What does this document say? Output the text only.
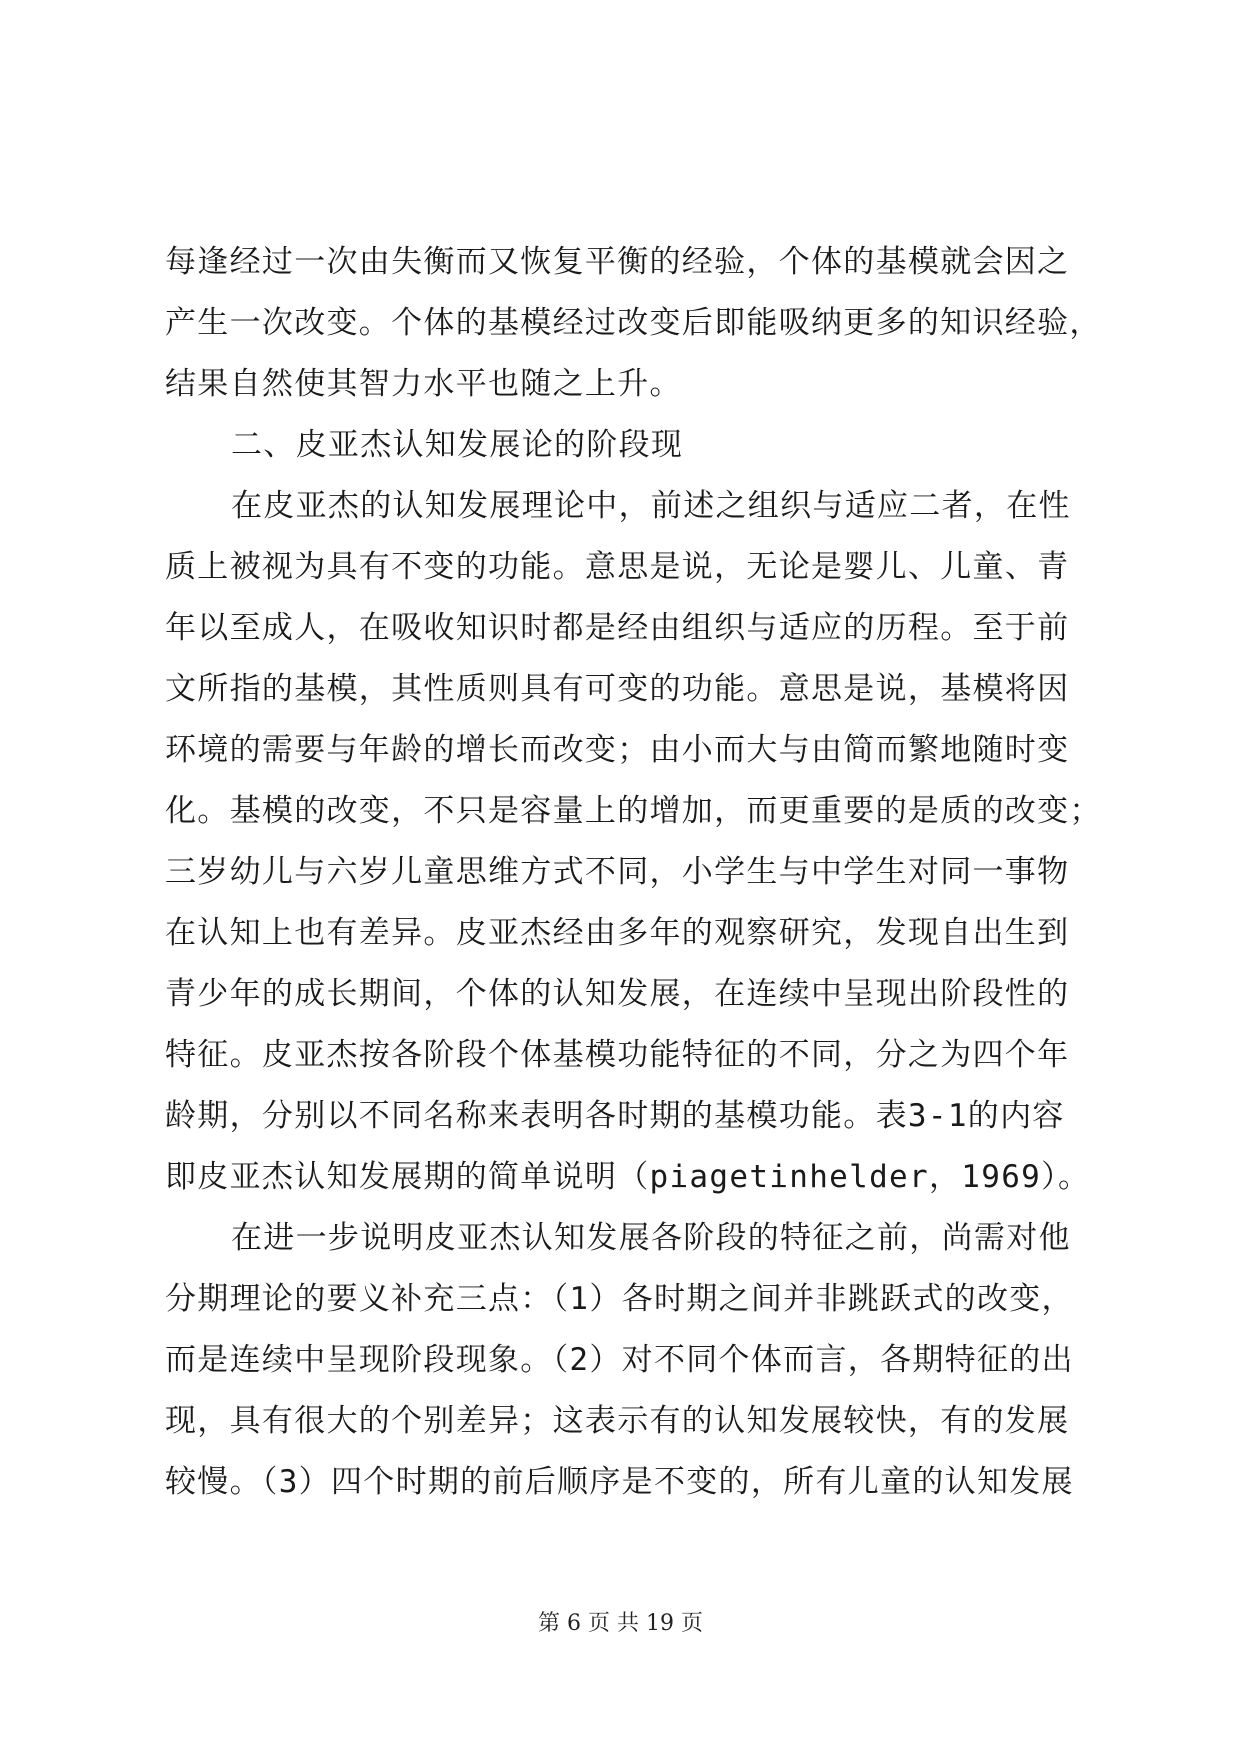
每逢经过一次由失衡而又恢复平衡的经验，个体的基模就会因之
产生一次改变。个体的基模经过改变后即能吸纳更多的知识经验，
结果自然使其智力水平也随之上升。
二、皮亚杰认知发展论的阶段现
在皮亚杰的认知发展理论中，前述之组织与适应二者，在性
质上被视为具有不变的功能。意思是说，无论是婴儿、儿童、青
年以至成人，在吸收知识时都是经由组织与适应的历程。至于前
文所指的基模，其性质则具有可变的功能。意思是说，基模将因
环境的需要与年龄的增长而改变；由小而大与由简而繁地随时变
化。基模的改变，不只是容量上的增加，而更重要的是质的改变；
三岁幼儿与六岁儿童思维方式不同，小学生与中学生对同一事物
在认知上也有差异。皮亚杰经由多年的观察研究，发现自出生到
青少年的成长期间，个体的认知发展，在连续中呈现出阶段性的
特征。皮亚杰按各阶段个体基模功能特征的不同，分之为四个年
龄期，分别以不同名称来表明各时期的基模功能。表3-1的内容
即皮亚杰认知发展期的简单说明（piagetinhelder，1969）。
在进一步说明皮亚杰认知发展各阶段的特征之前，尚需对他
分期理论的要义补充三点：（1）各时期之间并非跳跃式的改变，
而是连续中呈现阶段现象。（2）对不同个体而言，各期特征的出
现，具有很大的个别差异；这表示有的认知发展较快，有的发展
较慢。（3）四个时期的前后顺序是不变的，所有儿童的认知发展
第 6 页 共 19 页
